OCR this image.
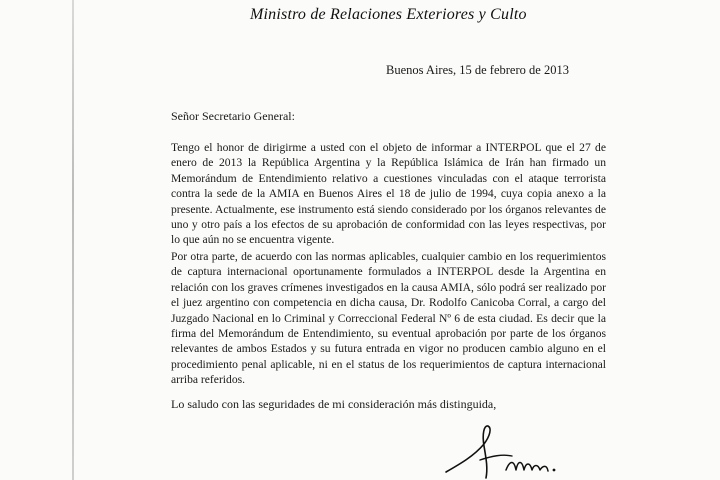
Ministro de Relaciones Exteriores y Culto
Buenos Aires, 15 de febrero de 2013
Señor Secretario General:
Tengo el honor de dirigirme a usted con el objeto de informar a INTERPOL que el 27 de enero de 2013 la República Argentina y la República Islámica de Irán han firmado un Memorándum de Entendimiento relativo a cuestiones vinculadas con el ataque terrorista contra la sede de la AMIA en Buenos Aires el 18 de julio de 1994, cuya copia anexo a la presente. Actualmente, ese instrumento está siendo considerado por los órganos relevantes de uno y otro país a los efectos de su aprobación de conformidad con las leyes respectivas, por lo que aún no se encuentra vigente.
Por otra parte, de acuerdo con las normas aplicables, cualquier cambio en los requerimientos de captura internacional oportunamente formulados a INTERPOL desde la Argentina en relación con los graves crímenes investigados en la causa AMIA, sólo podrá ser realizado por el juez argentino con competencia en dicha causa, Dr. Rodolfo Canicoba Corral, a cargo del Juzgado Nacional en lo Criminal y Correccional Federal Nº 6 de esta ciudad. Es decir que la firma del Memorándum de Entendimiento, su eventual aprobación por parte de los órganos relevantes de ambos Estados y su futura entrada en vigor no producen cambio alguno en el procedimiento penal aplicable, ni en el status de los requerimientos de captura internacional arriba referidos.
Lo saludo con las seguridades de mi consideración más distinguida,
